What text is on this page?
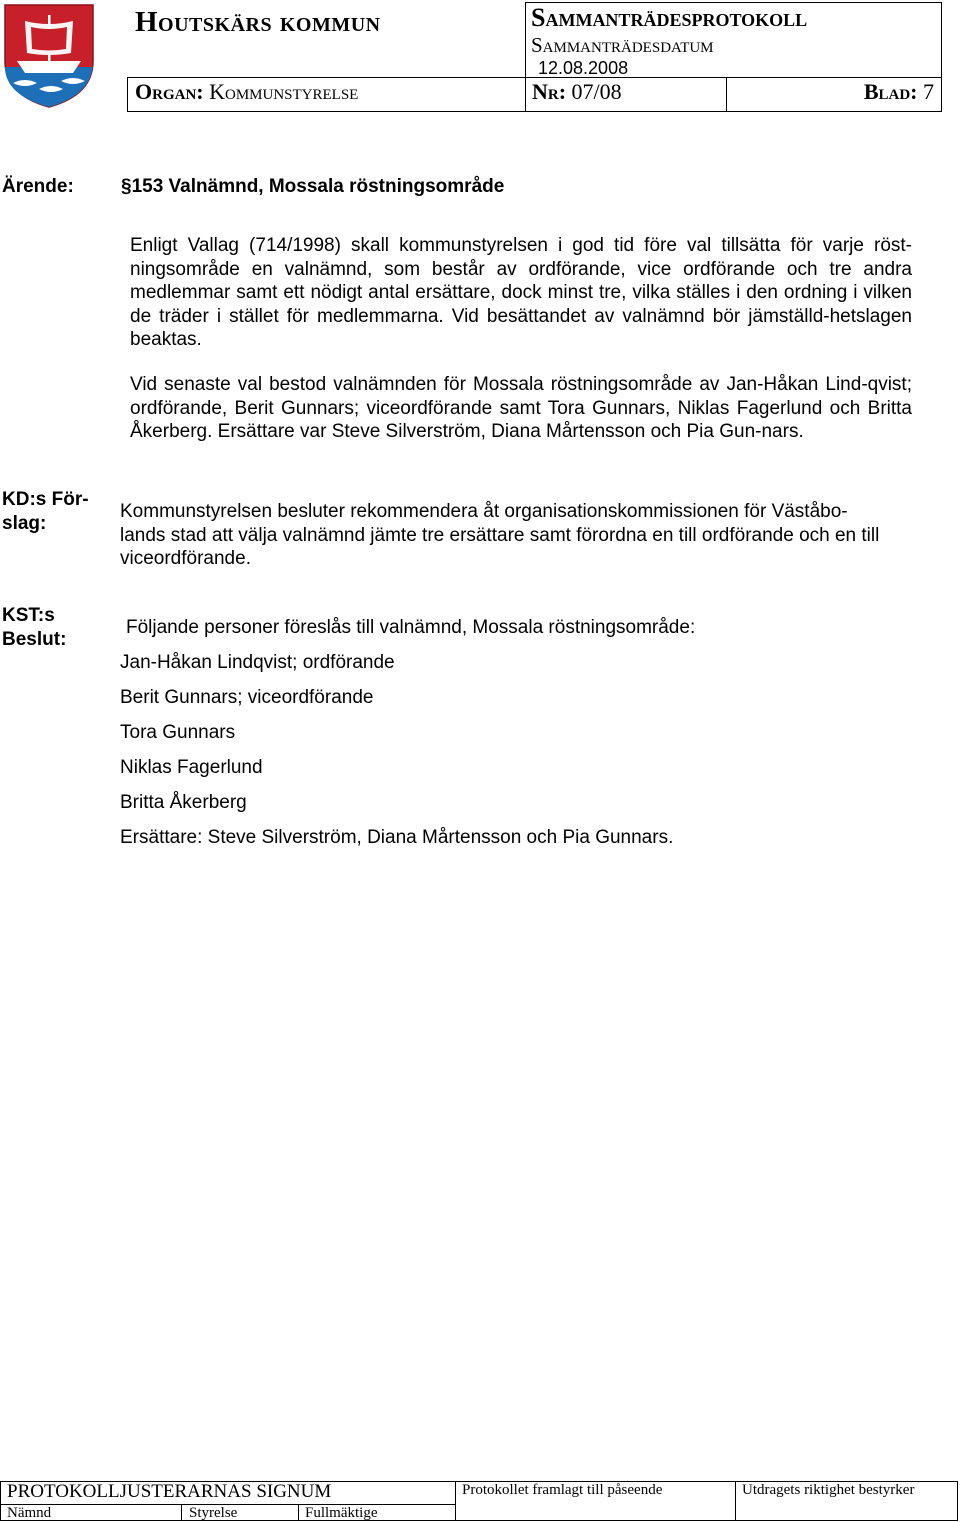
Houtskärs kommun	Sammanträdesprotokoll
Sammanträdesdatum
12.08.2008
Organ: Kommunstyrelse	Nr: 07/08	Blad: 7
Ärende: §153 Valnämnd, Mossala röstningsområde
Enligt Vallag (714/1998) skall kommunstyrelsen i god tid före val tillsätta för varje röst-ningsområde en valnämnd, som består av ordförande, vice ordförande och tre andra medlemmar samt ett nödigt antal ersättare, dock minst tre, vilka ställes i den ordning i vilken de träder i stället för medlemmarna. Vid besättandet av valnämnd bör jämställd-hetslagen beaktas.
Vid senaste val bestod valnämnden för Mossala röstningsområde av Jan-Håkan Lind-qvist; ordförande, Berit Gunnars; viceordförande samt Tora Gunnars, Niklas Fagerlund och Britta Åkerberg. Ersättare var Steve Silverström, Diana Mårtensson och Pia Gun-nars.
KD:s För-slag:
Kommunstyrelsen besluter rekommendera åt organisationskommissionen för Väståbo-lands stad att välja valnämnd jämte tre ersättare samt förordna en till ordförande och en till viceordförande.
KST:s Beslut:
Följande personer föreslås till valnämnd, Mossala röstningsområde:
Jan-Håkan Lindqvist; ordförande
Berit Gunnars; viceordförande
Tora Gunnars
Niklas Fagerlund
Britta Åkerberg
Ersättare: Steve Silverström, Diana Mårtensson och Pia Gunnars.
PROTOKOLLJUSTERARNAS SIGNUM	Protokollet framlagt till påseende	Utdragets riktighet bestyrker
Nämnd	Styrelse	Fullmäktige
